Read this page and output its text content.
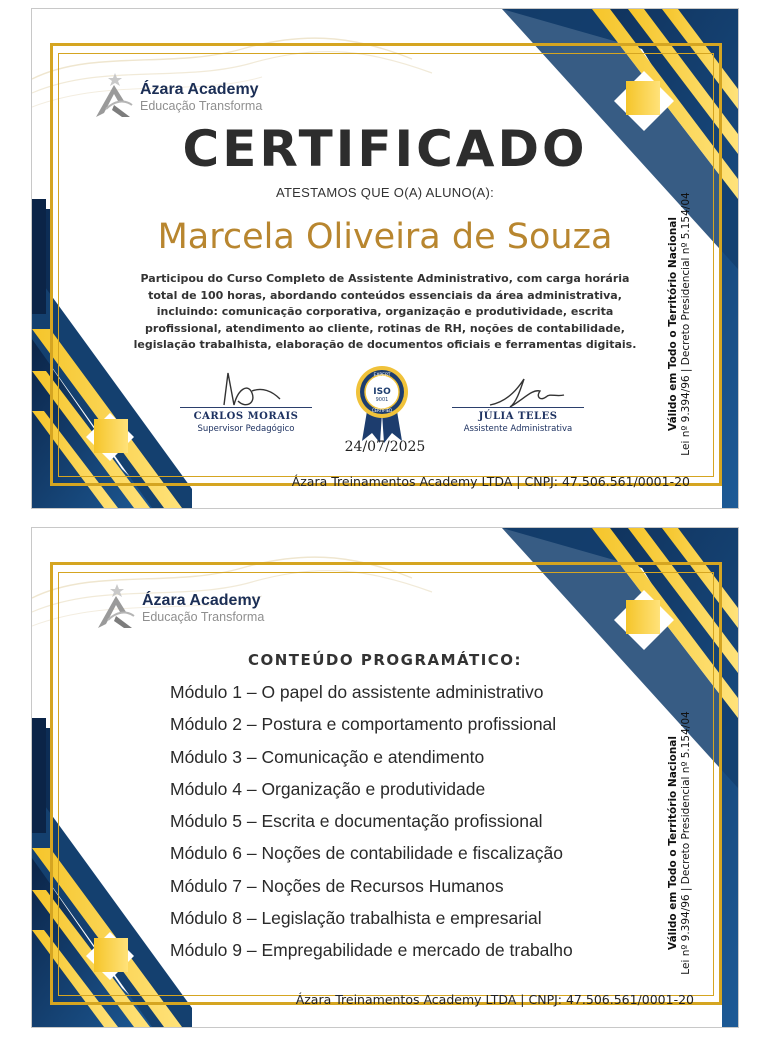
Ázara Academy
Educação Transforma
CERTIFICADO
ATESTAMOS QUE O(A) ALUNO(A):
Marcela Oliveira de Souza
Participou do Curso Completo de Assistente Administrativo, com carga horária total de 100 horas, abordando conteúdos essenciais da área administrativa, incluindo: comunicação corporativa, organização e produtividade, escrita profissional, atendimento ao cliente, rotinas de RH, noções de contabilidade, legislação trabalhista, elaboração de documentos oficiais e ferramentas digitais.
CARLOS MORAIS
Supervisor Pedagógico
EXPERT
ISO
9001
CERTIFIED
24/07/2025
JÚLIA TELES
Assistente Administrativa	Válido em Todo o Território Nacional Lei nº 9.394/96 | Decreto Presidencial nº 5.154/04
Ázara Treinamentos Academy LTDA | CNPJ: 47.506.561/0001-20
Ázara Academy
Educação Transforma
CONTEÚDO PROGRAMÁTICO:
Módulo 1 – O papel do assistente administrativo
Módulo 2 – Postura e comportamento profissional
Módulo 3 – Comunicação e atendimento
Módulo 4 – Organização e produtividade
Módulo 5 – Escrita e documentação profissional
Módulo 6 – Noções de contabilidade e fiscalização
Módulo 7 – Noções de Recursos Humanos
Módulo 8 – Legislação trabalhista e empresarial
Módulo 9 – Empregabilidade e mercado de trabalho
Válido em Todo o Território Nacional Lei nº 9.394/96 | Decreto Presidencial nº 5.154/04
Ázara Treinamentos Academy LTDA | CNPJ: 47.506.561/0001-20
